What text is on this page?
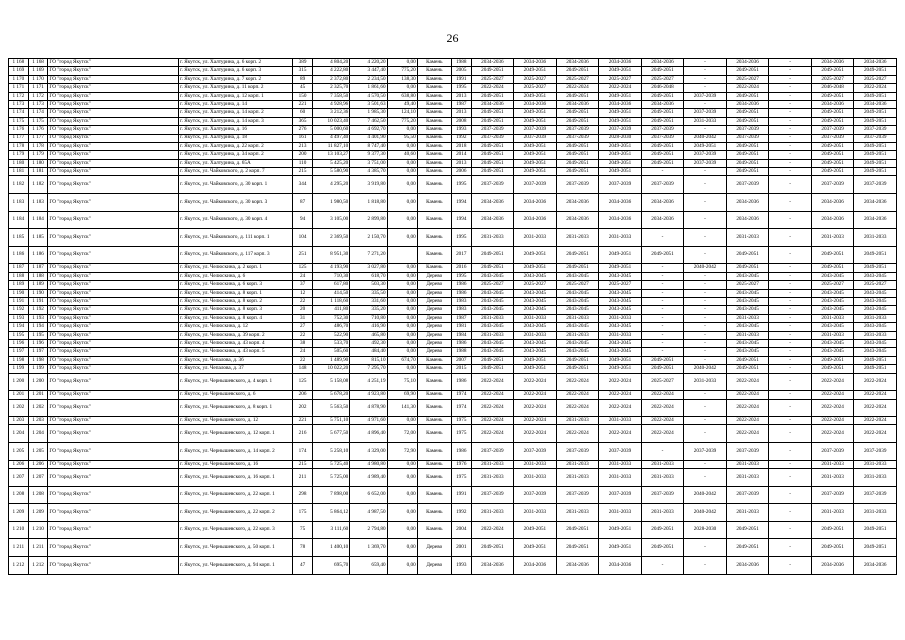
26
1 168	1 168	ГО "город Якутск"	г. Якутск, ул. Халтурина, д. 6 корп. 2	389	4 804,20	4 220,20	0,00	Камень	1988	2034-2036	2034-2036	2034-2036	2034-2036	2034-2036	-	2034-2036	-	2034-2036	2034-2036
1 169	1 169	ГО "город Якутск"	г. Якутск, ул. Халтурина, д. 6 корп. 3	315	4 222,80	3 447,40	775,20	Камень	2005	2049-2051	2049-2051	2049-2051	2049-2051	2049-2051	-	2049-2051	-	2049-2051	2049-2051
1 170	1 170	ГО "город Якутск"	г. Якутск, ул. Халтурина, д. 7 корп. 2	89	2 372,80	2 234,50	138,30	Камень	1991	2025-2027	2025-2027	2025-2027	2025-2027	2025-2027	-	2025-2027	-	2025-2027	2025-2027
1 171	1 171	ГО "город Якутск"	г. Якутск, ул. Халтурина, д. 11 корп. 2	45	2 325,70	1 861,60	0,00	Камень	1995	2022-2024	2025-2027	2022-2024	2022-2024	2046-2048	-	2022-2024	-	2046-2048	2022-2024
1 172	1 172	ГО "город Якутск"	г. Якутск, ул. Халтурина, д. 12 корп. 1	150	7 358,50	4 570,50	638,80	Камень	2013	2049-2051	2049-2051	2049-2051	2049-2051	2049-2051	2037-2039	2049-2051	-	2049-2051	2049-2051
1 173	1 173	ГО "город Якутск"	г. Якутск, ул. Халтурина, д. 14	221	4 928,96	3 501,63	49,40	Камень	1987	2034-2036	2034-2036	2034-2036	2034-2036	2034-2036	-	2034-2036	-	2034-2036	2034-2036
1 174	1 174	ГО "город Якутск"	г. Якутск, ул. Халтурина, д. 14 корп. 2	60	3 212,36	1 985,30	124,10	Камень	2013	2049-2051	2049-2051	2049-2051	2049-2051	2049-2051	2037-2039	2049-2051	-	2049-2051	2049-2051
1 175	1 175	ГО "город Якутск"	г. Якутск, ул. Халтурина, д. 14 корп. 3	365	10 023,40	7 462,50	775,20	Камень	2008	2049-2051	2049-2051	2049-2051	2049-2051	2049-2051	2031-2033	2049-2051	-	2049-2051	2049-2051
1 176	1 176	ГО "город Якутск"	г. Якутск, ул. Халтурина, д. 16	276	5 000,60	4 692,70	0,00	Камень	1993	2037-2039	2037-2039	2037-2039	2037-2039	2037-2039	-	2037-2039	-	2037-2039	2037-2039
1 177	1 177	ГО "город Якутск"	г. Якутск, ул. Халтурина, д. 18	161	4 497,40	4 401,90	95,50	Камень	1992	2037-2039	2037-2039	2037-2039	2028-2030	2037-2039	2040-2042	2037-2039	-	2037-2039	2037-2039
1 178	1 178	ГО "город Якутск"	г. Якутск, ул. Халтурина, д. 22 корп. 2	213	11 827,10	8 747,40	0,00	Камень	2018	2049-2051	2049-2051	2049-2051	2049-2051	2049-2051	2049-2051	2049-2051	-	2049-2051	2049-2051
1 179	1 179	ГО "город Якутск"	г. Якутск, ул. Халтурина, д. 34 корп. 2	200	13 103,27	9 377,30	40,60	Камень	2014	2049-2051	2049-2051	2049-2051	2049-2051	2049-2051	2037-2039	2049-2051	-	2049-2051	2049-2051
1 180	1 180	ГО "город Якутск"	г. Якутск, ул. Халтурина, д. 65А	110	5 425,20	3 751,00	0,00	Камень	2013	2049-2051	2049-2051	2049-2051	2049-2051	2049-2051	2037-2039	2049-2051	-	2049-2051	2049-2051
1 181	1 181	ГО "город Якутск"	г. Якутск, ул. Чайковского, д. 2 корп. 7	215	5 580,90	4 385,70	0,00	Камень	2006	2049-2051	2049-2051	2049-2051	2049-2051	-	-	2049-2051	-	2049-2051	2049-2051
1 182	1 182	ГО "город Якутск"	г. Якутск, ул. Чайковского, д. 30 корп. 1	344	4 295,20	3 919,80	0,00	Камень	1995	2037-2039	2037-2039	2037-2039	2037-2039	2037-2039	-	2037-2039	-	2037-2039	2037-2039
1 183	1 183	ГО "город Якутск"	г. Якутск, ул. Чайковского, д. 30 корп. 3	87	1 980,50	1 818,80	0,00	Камень	1994	2034-2036	2034-2036	2034-2036	2034-2036	2034-2036	-	2034-2036	-	2034-2036	2034-2036
1 184	1 184	ГО "город Якутск"	г. Якутск, ул. Чайковского, д. 30 корп. 4	94	3 105,00	2 899,80	0,00	Камень	1994	2034-2036	2034-2036	2034-2036	2034-2036	2034-2036	-	2034-2036	-	2034-2036	2034-2036
1 185	1 185	ГО "город Якутск"	г. Якутск, ул. Чайковского, д. 111 корп. 1	104	2 369,50	2 150,70	0,00	Камень	1995	2031-2033	2031-2033	2031-2033	2031-2033	-	-	2031-2033	-	2031-2033	2031-2033
1 186	1 186	ГО "город Якутск"	г. Якутск, ул. Чайковского, д. 117 корп. 3	251	8 951,30	7 271,20		Камень	2017	2049-2051	2049-2051	2049-2051	2049-2051	2049-2051	-	2049-2051	-	2049-2051	2049-2051
1 187	1 187	ГО "город Якутск"	г. Якутск, ул. Челюскина, д. 2 корп. 1	125	4 193,90	3 027,80	0,00	Камень	2016	2049-2051	2049-2051	2049-2051	2049-2051	-	2040-2042	2049-2051	-	2049-2051	2049-2051
1 188	1 188	ГО "город Якутск"	г. Якутск, ул. Челюскина, д. 6	24	710,30	618,70	0,00	Дерево	1995	2043-2045	2043-2045	2043-2045	2043-2045	-	-	2043-2045	-	2043-2045	2043-2045
1 189	1 189	ГО "город Якутск"	г. Якутск, ул. Челюскина, д. 6 корп. 3	37	617,80	503,30	0,00	Дерево	1986	2025-2027	2025-2027	2025-2027	2025-2027	-	-	2025-2027	-	2025-2027	2025-2027
1 190	1 190	ГО "город Якутск"	г. Якутск, ул. Челюскина, д. 8 корп. 1	12	414,50	335,50	0,00	Дерево	1986	2043-2045	2043-2045	2043-2045	2043-2045	-	-	2043-2045	-	2043-2045	2043-2045
1 191	1 191	ГО "город Якутск"	г. Якутск, ул. Челюскина, д. 8 корп. 2	22	1 118,60	331,60	0,00	Дерево	1983	2043-2045	2043-2045	2043-2045	2043-2045	-	-	2043-2045	-	2043-2045	2043-2045
1 192	1 192	ГО "город Якутск"	г. Якутск, ул. Челюскина, д. 8 корп. 3	20	411,80	335,20	0,00	Дерево	1983	2043-2045	2043-2045	2043-2045	2043-2045	-	-	2043-2045	-	2043-2045	2043-2045
1 193	1 193	ГО "город Якутск"	г. Якутск, ул. Челюскина, д. 8 корп. 4	31	752,30	710,80	0,00	Дерево	1987	2031-2033	2031-2033	2031-2033	2031-2033	-	-	2031-2033	-	2031-2033	2031-2033
1 194	1 194	ГО "город Якутск"	г. Якутск, ул. Челюскина, д. 12	27	486,70	416,90	0,00	Дерево	1981	2043-2045	2043-2045	2043-2045	2043-2045	-	-	2043-2045	-	2043-2045	2043-2045
1 195	1 195	ГО "город Якутск"	г. Якутск, ул. Челюскина, д. 39 корп. 2	22	522,90	465,80	0,00	Дерево	1984	2031-2033	2031-2033	2031-2033	2031-2033	-	-	2031-2033	-	2031-2033	2031-2033
1 196	1 196	ГО "город Якутск"	г. Якутск, ул. Челюскина, д. 43 корп. 4	38	533,70	492,30	0,00	Дерево	1986	2043-2045	2043-2045	2043-2045	2043-2045	-	-	2043-2045	-	2043-2045	2043-2045
1 197	1 197	ГО "город Якутск"	г. Якутск, ул. Челюскина, д. 43 корп. 5	24	505,60	484,40	0,00	Дерево	1988	2043-2045	2043-2045	2043-2045	2043-2045	-	-	2043-2045	-	2043-2045	2043-2045
1 198	1 198	ГО "город Якутск"	г. Якутск, ул. Чепалова, д. 36	22	1 489,90	815,10	674,70	Камень	2007	2049-2051	2049-2051	2049-2051	2049-2051	2049-2051	-	2049-2051	-	2049-2051	2049-2051
1 199	1 199	ГО "город Якутск"	г. Якутск, ул. Чепалова, д. 37	148	10 022,20	7 295,70	0,00	Камень	2015	2049-2051	2049-2051	2049-2051	2049-2051	2049-2051	2040-2042	2049-2051	-	2049-2051	2049-2051
1 200	1 200	ГО "город Якутск"	г. Якутск, ул. Чернышевского, д. 4 корп. 1	125	5 158,08	4 251,19	75,10	Камень	1986	2022-2024	2022-2024	2022-2024	2022-2024	2025-2027	2031-2033	2022-2024	-	2022-2024	2022-2024
1 201	1 201	ГО "город Якутск"	г. Якутск, ул. Чернышевского, д. 6	206	5 678,20	4 923,80	69,90	Камень	1974	2022-2024	2022-2024	2022-2024	2022-2024	2022-2024	-	2022-2024	-	2022-2024	2022-2024
1 202	1 202	ГО "город Якутск"	г. Якутск, ул. Чернышевского, д. 8 корп. 1	202	5 563,50	4 878,90	141,30	Камень	1974	2022-2024	2022-2024	2022-2024	2022-2024	2022-2024	-	2022-2024	-	2022-2024	2022-2024
1 203	1 203	ГО "город Якутск"	г. Якутск, ул. Чернышевского, д. 12	221	5 751,10	4 971,60	0,00	Камень	1975	2022-2024	2022-2024	2031-2033	2031-2033	2022-2024	-	2022-2024	-	2022-2024	2022-2024
1 204	1 204	ГО "город Якутск"	г. Якутск, ул. Чернышевского, д. 12 корп. 1	216	5 677,50	4 896,40	72,00	Камень	1975	2022-2024	2022-2024	2022-2024	2022-2024	2022-2024	-	2022-2024	-	2022-2024	2022-2024
1 205	1 205	ГО "город Якутск"	г. Якутск, ул. Чернышевского, д. 14 корп. 2	174	5 258,10	4 329,00	72,90	Камень	1986	2037-2039	2037-2039	2037-2039	2037-2039	-	2037-2039	2037-2039	-	2037-2039	2037-2039
1 206	1 206	ГО "город Якутск"	г. Якутск, ул. Чернышевского, д. 16	215	5 725,40	4 980,80	0,00	Камень	1976	2031-2033	2031-2033	2031-2033	2031-2033	2031-2033	-	2031-2033	-	2031-2033	2031-2033
1 207	1 207	ГО "город Якутск"	г. Якутск, ул. Чернышевского, д. 16 корп. 1	211	5 725,00	4 989,40	0,00	Камень	1975	2031-2033	2031-2033	2031-2033	2031-2033	2031-2033	-	2031-2033	-	2031-2033	2031-2033
1 208	1 208	ГО "город Якутск"	г. Якутск, ул. Чернышевского, д. 22 корп. 1	298	7 898,00	6 652,00	0,00	Камень	1991	2037-2039	2037-2039	2037-2039	2037-2039	2037-2039	2040-2042	2037-2039	-	2037-2039	2037-2039
1 209	1 209	ГО "город Якутск"	г. Якутск, ул. Чернышевского, д. 22 корп. 2	175	5 864,12	4 987,50	0,00	Камень	1992	2031-2033	2031-2033	2031-2033	2031-2033	2031-2033	2040-2042	2031-2033	-	2031-2033	2031-2033
1 210	1 210	ГО "город Якутск"	г. Якутск, ул. Чернышевского, д. 22 корп. 3	75	3 111,60	2 794,80	0,00	Камень	2004	2022-2024	2049-2051	2049-2051	2049-2051	2049-2051	2028-2030	2049-2051	-	2049-2051	2049-2051
1 211	1 211	ГО "город Якутск"	г. Якутск, ул. Чернышевского, д. 50 корп. 1	78	1 400,10	1 369,70	0,00	Дерево	2001	2049-2051	2049-2051	2049-2051	2049-2051	2049-2051	-	2049-2051	-	2049-2051	2049-2051
1 212	1 212	ГО "город Якутск"	г. Якутск, ул. Чернышевского, д. 94 корп. 1	47	695,70	659,40	0,00	Дерево	1993	2034-2036	2034-2036	2034-2036	2034-2036	-	-	2034-2036	-	2034-2036	2034-2036
